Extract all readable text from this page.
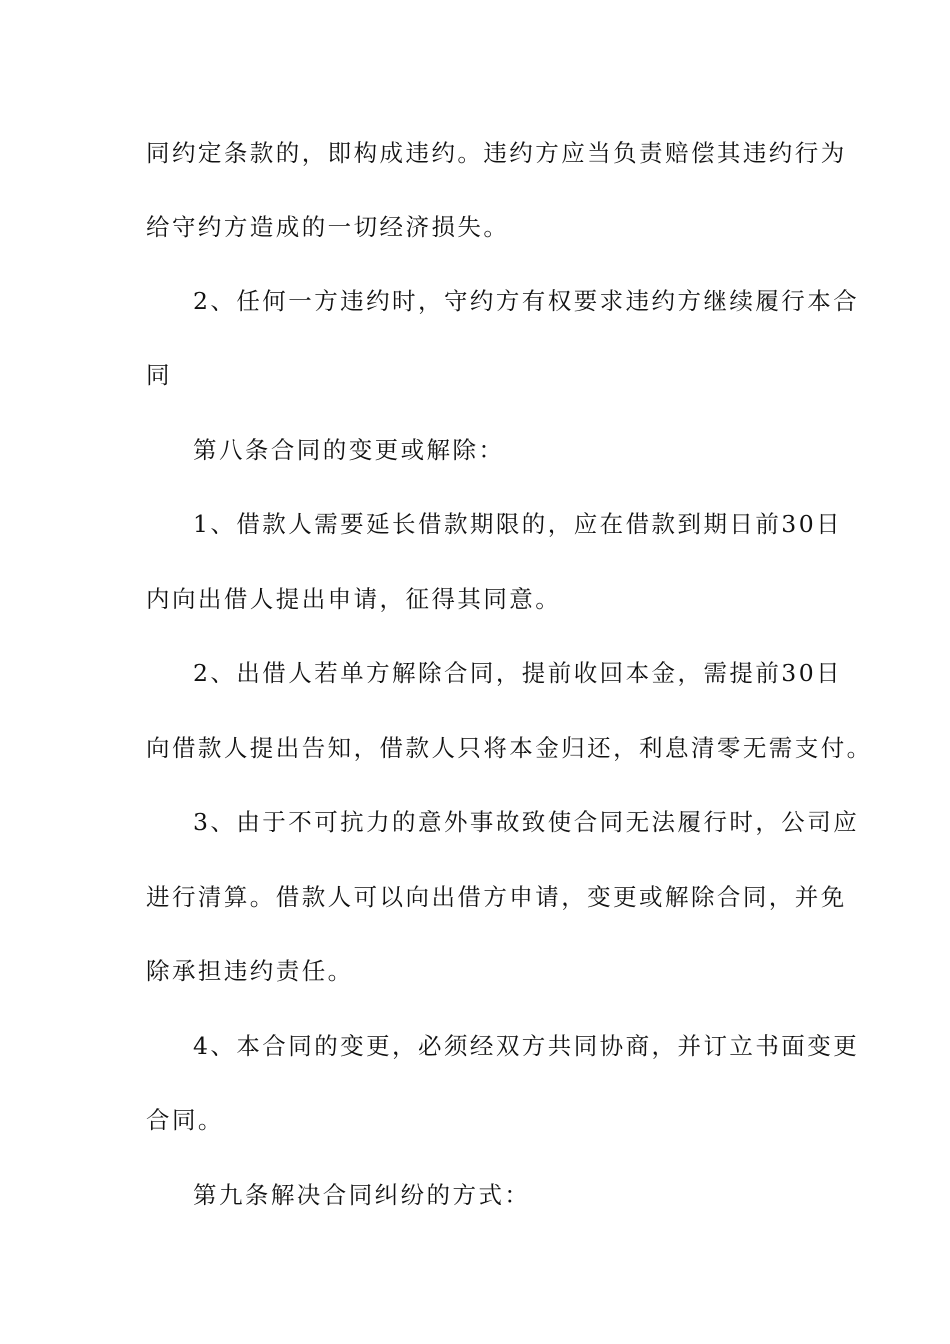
同约定条款的，即构成违约。违约方应当负责赔偿其违约行为
给守约方造成的一切经济损失。
2、任何一方违约时，守约方有权要求违约方继续履行本合
同
第八条合同的变更或解除：
1、借款人需要延长借款期限的，应在借款到期日前30日
内向出借人提出申请，征得其同意。
2、出借人若单方解除合同，提前收回本金，需提前30日
向借款人提出告知，借款人只将本金归还，利息清零无需支付。
3、由于不可抗力的意外事故致使合同无法履行时，公司应
进行清算。借款人可以向出借方申请，变更或解除合同，并免
除承担违约责任。
4、本合同的变更，必须经双方共同协商，并订立书面变更
合同。
第九条解决合同纠纷的方式：
